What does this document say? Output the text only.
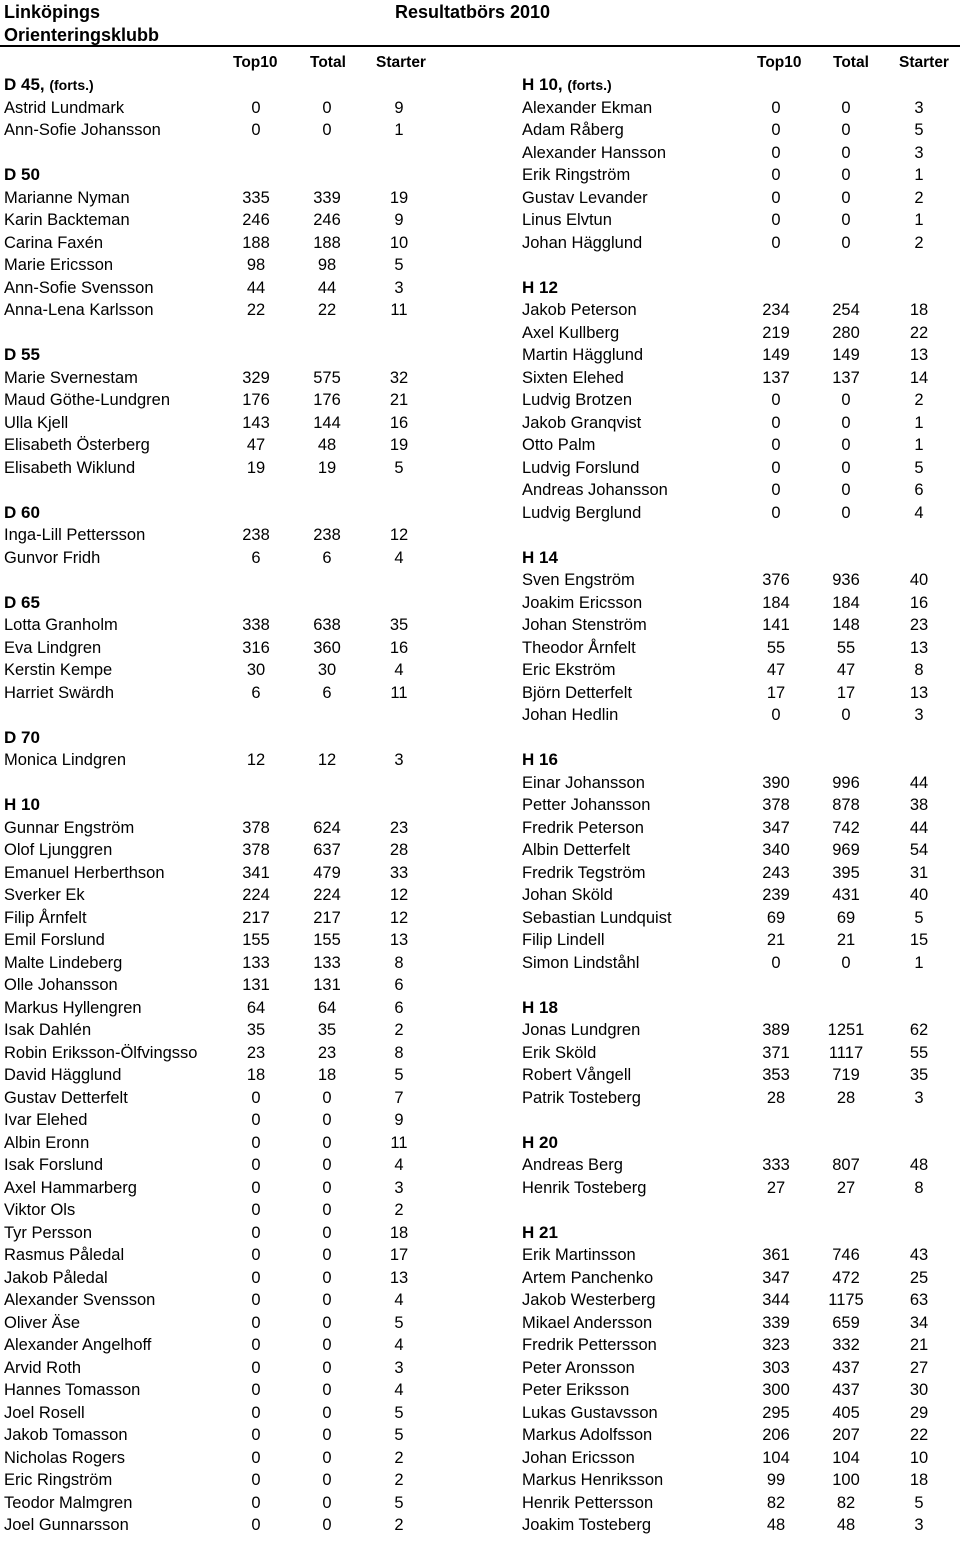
Linköpings
Orienteringsklubb
Resultatbörs 2010
Top10 Total Starter	Top10 Total Starter
D 45, (forts.)
Astrid Lundmark	0	0	9
Ann-Sofie Johansson	0	0	1
D 50
Marianne Nyman	335	339	19
Karin Backteman	246	246	9
Carina Faxén	188	188	10
Marie Ericsson	98	98	5
Ann-Sofie Svensson	44	44	3
Anna-Lena Karlsson	22	22	11
D 55
Marie Svernestam	329	575	32
Maud Göthe-Lundgren	176	176	21
Ulla Kjell	143	144	16
Elisabeth Österberg	47	48	19
Elisabeth Wiklund	19	19	5
D 60
Inga-Lill Pettersson	238	238	12
Gunvor Fridh	6	6	4
D 65
Lotta Granholm	338	638	35
Eva Lindgren	316	360	16
Kerstin Kempe	30	30	4
Harriet Swärdh	6	6	11
D 70
Monica Lindgren	12	12	3
H 10
Gunnar Engström	378	624	23
Olof Ljunggren	378	637	28
Emanuel Herberthson	341	479	33
Sverker Ek	224	224	12
Filip Årnfelt	217	217	12
Emil Forslund	155	155	13
Malte Lindeberg	133	133	8
Olle Johansson	131	131	6
Markus Hyllengren	64	64	6
Isak Dahlén	35	35	2
Robin Eriksson-Ölfvingsso	23	23	8
David Hägglund	18	18	5
Gustav Detterfelt	0	0	7
Ivar Elehed	0	0	9
Albin Eronn	0	0	11
Isak Forslund	0	0	4
Axel Hammarberg	0	0	3
Viktor Ols	0	0	2
Tyr Persson	0	0	18
Rasmus Påledal	0	0	17
Jakob Påledal	0	0	13
Alexander Svensson	0	0	4
Oliver Äse	0	0	5
Alexander Angelhoff	0	0	4
Arvid Roth	0	0	3
Hannes Tomasson	0	0	4
Joel Rosell	0	0	5
Jakob Tomasson	0	0	5
Nicholas Rogers	0	0	2
Eric Ringström	0	0	2
Teodor Malmgren	0	0	5
Joel Gunnarsson	0	0	2
H 10, (forts.)
Alexander Ekman	0	0	3
Adam Råberg	0	0	5
Alexander Hansson	0	0	3
Erik Ringström	0	0	1
Gustav Levander	0	0	2
Linus Elvtun	0	0	1
Johan Hägglund	0	0	2
H 12
Jakob Peterson	234	254	18
Axel Kullberg	219	280	22
Martin Hägglund	149	149	13
Sixten Elehed	137	137	14
Ludvig Brotzen	0	0	2
Jakob Granqvist	0	0	1
Otto Palm	0	0	1
Ludvig Forslund	0	0	5
Andreas Johansson	0	0	6
Ludvig Berglund	0	0	4
H 14
Sven Engström	376	936	40
Joakim Ericsson	184	184	16
Johan Stenström	141	148	23
Theodor Årnfelt	55	55	13
Eric Ekström	47	47	8
Björn Detterfelt	17	17	13
Johan Hedlin	0	0	3
H 16
Einar Johansson	390	996	44
Petter Johansson	378	878	38
Fredrik Peterson	347	742	44
Albin Detterfelt	340	969	54
Fredrik Tegström	243	395	31
Johan Sköld	239	431	40
Sebastian Lundquist	69	69	5
Filip Lindell	21	21	15
Simon Lindståhl	0	0	1
H 18
Jonas Lundgren	389	1251	62
Erik Sköld	371	1117	55
Robert Vångell	353	719	35
Patrik Tosteberg	28	28	3
H 20
Andreas Berg	333	807	48
Henrik Tosteberg	27	27	8
H 21
Erik Martinsson	361	746	43
Artem Panchenko	347	472	25
Jakob Westerberg	344	1175	63
Mikael Andersson	339	659	34
Fredrik Pettersson	323	332	21
Peter Aronsson	303	437	27
Peter Eriksson	300	437	30
Lukas Gustavsson	295	405	29
Markus Adolfsson	206	207	22
Johan Ericsson	104	104	10
Markus Henriksson	99	100	18
Henrik Pettersson	82	82	5
Joakim Tosteberg	48	48	3
